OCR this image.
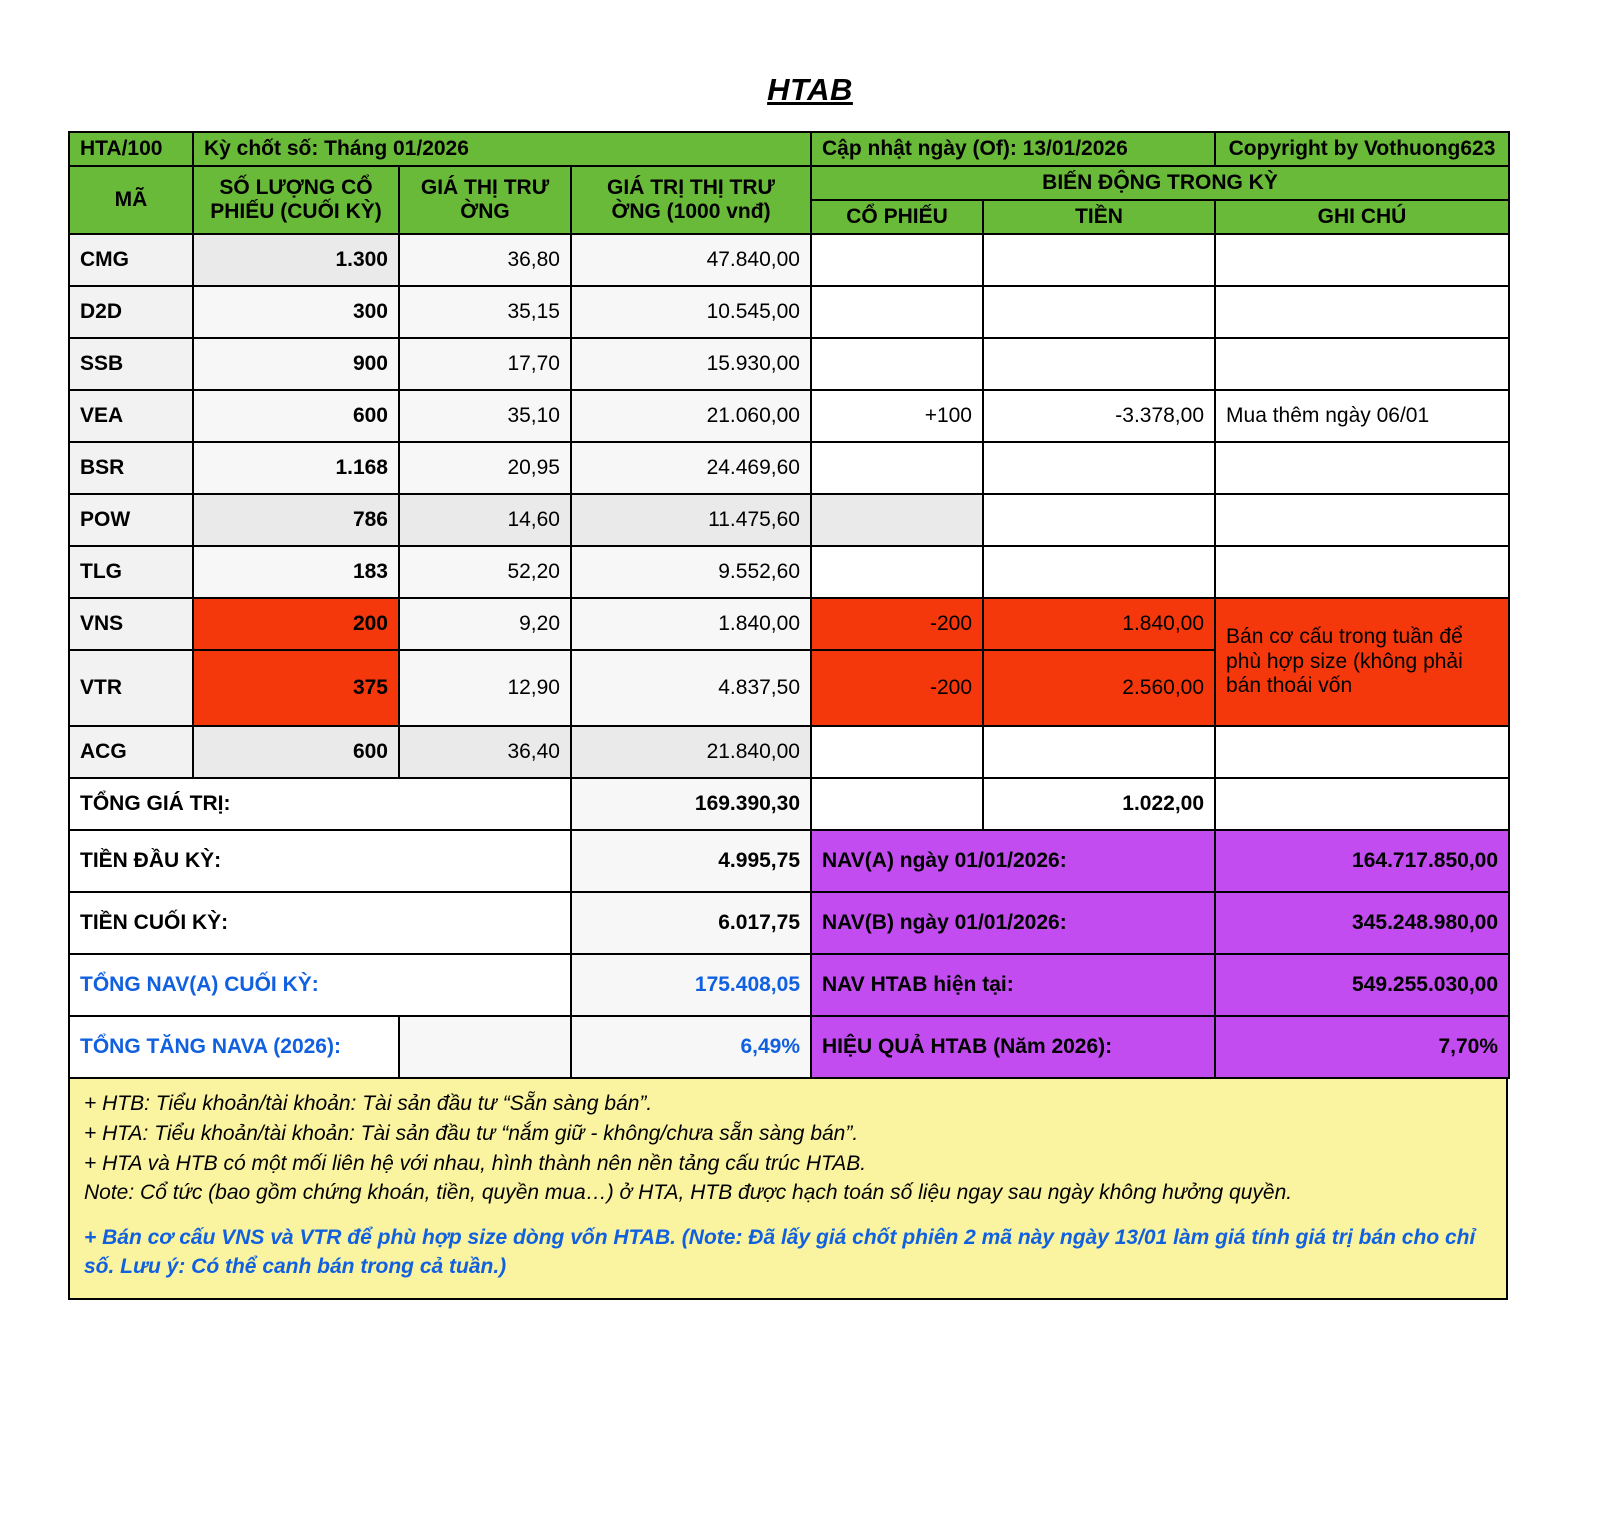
HTAB
HTA/100	Kỳ chốt số: Tháng 01/2026			Cập nhật ngày (Of): 13/01/2026		Copyright by Vothuong623
MÃ	SỐ LƯỢNG CỔ PHIẾU (CUỐI KỲ)	GIÁ THỊ TRƯ ỜNG	GIÁ TRỊ THỊ TRƯ ỜNG (1000 vnđ)	BIẾN ĐỘNG TRONG KỲ		
				CỔ PHIẾU	TIỀN	GHI CHÚ
CMG	1.300	36,80	47.840,00			
D2D	300	35,15	10.545,00			
SSB	900	17,70	15.930,00			
VEA	600	35,10	21.060,00	+100	-3.378,00	Mua thêm ngày 06/01
BSR	1.168	20,95	24.469,60			
POW	786	14,60	11.475,60			
TLG	183	52,20	9.552,60			
VNS	200	9,20	1.840,00	-200	1.840,00	Bán cơ cấu trong tuần để phù hợp size (không phải bán thoái vốn
VTR	375	12,90	4.837,50	-200	2.560,00	
ACG	600	36,40	21.840,00			
TỔNG GIÁ TRỊ:			169.390,30		1.022,00	
TIỀN ĐẦU KỲ:			4.995,75	NAV(A) ngày 01/01/2026:		164.717.850,00
TIỀN CUỐI KỲ:			6.017,75	NAV(B) ngày 01/01/2026:		345.248.980,00
TỔNG NAV(A) CUỐI KỲ:			175.408,05	NAV HTAB hiện tại:		549.255.030,00
TỔNG TĂNG NAVA (2026):			6,49%	HIỆU QUẢ HTAB (Năm 2026):		7,70%
+ HTB: Tiểu khoản/tài khoản: Tài sản đầu tư “Sẵn sàng bán”.
+ HTA: Tiểu khoản/tài khoản: Tài sản đầu tư “nắm giữ - không/chưa sẵn sàng bán”.
+ HTA và HTB có một mối liên hệ với nhau, hình thành nên nền tảng cấu trúc HTAB.
Note: Cổ tức (bao gồm chứng khoán, tiền, quyền mua…) ở HTA, HTB được hạch toán số liệu ngay sau ngày không hưởng quyền.
+ Bán cơ cấu VNS và VTR để phù hợp size dòng vốn HTAB. (Note: Đã lấy giá chốt phiên 2 mã này ngày 13/01 làm giá tính giá trị bán cho chỉ số. Lưu ý: Có thể canh bán trong cả tuần.)
